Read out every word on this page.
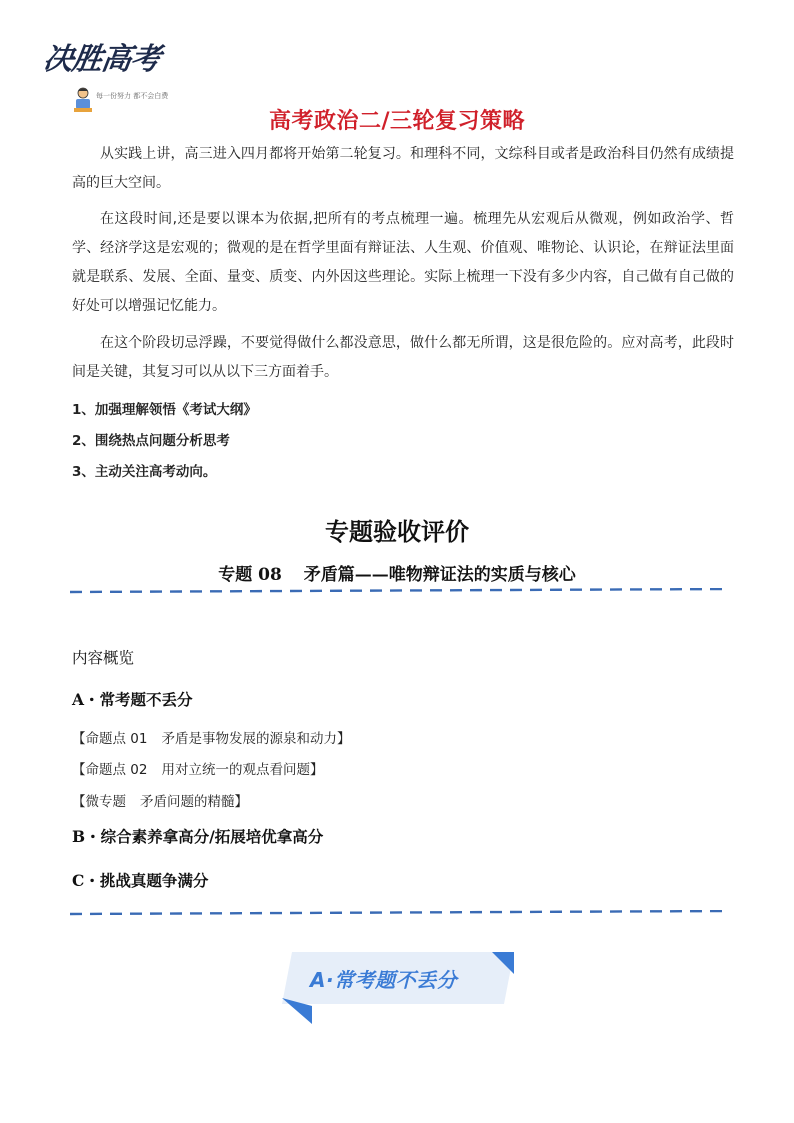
决胜高考
每一份努力 都不会白费
高考政治二/三轮复习策略

从实践上讲，高三进入四月都将开始第二轮复习。和理科不同，文综科目或者是政治科目仍然有成绩提高的巨大空间。

在这段时间,还是要以课本为依据,把所有的考点梳理一遍。梳理先从宏观后从微观，例如政治学、哲学、经济学这是宏观的；微观的是在哲学里面有辩证法、人生观、价值观、唯物论、认识论，在辩证法里面就是联系、发展、全面、量变、质变、内外因这些理论。实际上梳理一下没有多少内容，自己做有自己做的好处可以增强记忆能力。

在这个阶段切忌浮躁，不要觉得做什么都没意思，做什么都无所谓，这是很危险的。应对高考，此段时间是关键，其复习可以从以下三方面着手。

1、加强理解领悟《考试大纲》
2、围绕热点问题分析思考
3、主动关注高考动向。
专题验收评价
专题 08 矛盾篇——唯物辩证法的实质与核心
内容概览
A・常考题不丢分
【命题点 01 矛盾是事物发展的源泉和动力】
【命题点 02 用对立统一的观点看问题】
【微专题 矛盾问题的精髓】
B・综合素养拿高分/拓展培优拿高分
C・挑战真题争满分
A·常考题不丢分
